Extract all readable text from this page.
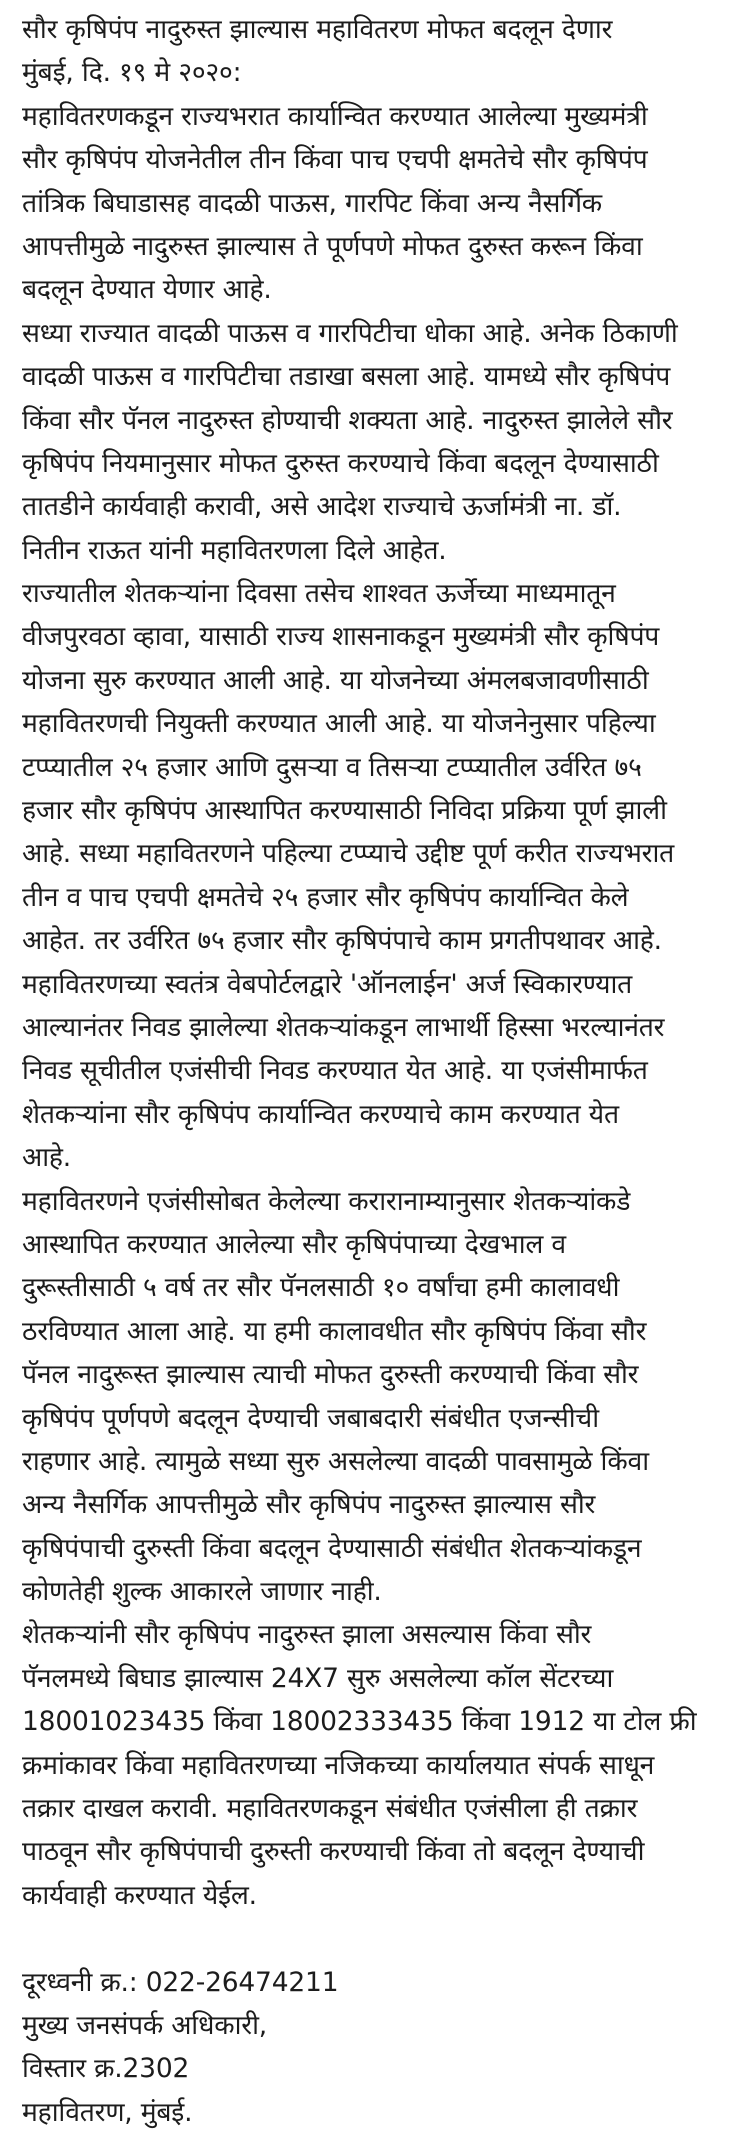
सौर कृषिपंप नादुरुस्त झाल्यास महावितरण मोफत बदलून देणार
मुंबई, दि. १९ मे २०२०:
महावितरणकडून राज्यभरात कार्यान्वित करण्यात आलेल्या मुख्यमंत्री
सौर कृषिपंप योजनेतील तीन किंवा पाच एचपी क्षमतेचे सौर कृषिपंप
तांत्रिक बिघाडासह वादळी पाऊस, गारपिट किंवा अन्य नैसर्गिक
आपत्तीमुळे नादुरुस्त झाल्यास ते पूर्णपणे मोफत दुरुस्त करून किंवा
बदलून देण्यात येणार आहे.
सध्या राज्यात वादळी पाऊस व गारपिटीचा धोका आहे. अनेक ठिकाणी
वादळी पाऊस व गारपिटीचा तडाखा बसला आहे. यामध्ये सौर कृषिपंप
किंवा सौर पॅनल नादुरुस्त होण्याची शक्यता आहे. नादुरुस्त झालेले सौर
कृषिपंप नियमानुसार मोफत दुरुस्त करण्याचे किंवा बदलून देण्यासाठी
तातडीने कार्यवाही करावी, असे आदेश राज्याचे ऊर्जामंत्री ना. डॉ.
नितीन राऊत यांनी महावितरणला दिले आहेत.
राज्यातील शेतकऱ्यांना दिवसा तसेच शाश्वत ऊर्जेच्या माध्यमातून
वीजपुरवठा व्हावा, यासाठी राज्य शासनाकडून मुख्यमंत्री सौर कृषिपंप
योजना सुरु करण्यात आली आहे. या योजनेच्या अंमलबजावणीसाठी
महावितरणची नियुक्ती करण्यात आली आहे. या योजनेनुसार पहिल्या
टप्प्यातील २५ हजार आणि दुसऱ्या व तिसऱ्या टप्प्यातील उर्वरित ७५
हजार सौर कृषिपंप आस्थापित करण्यासाठी निविदा प्रक्रिया पूर्ण झाली
आहे. सध्या महावितरणने पहिल्या टप्प्याचे उद्दीष्ट पूर्ण करीत राज्यभरात
तीन व पाच एचपी क्षमतेचे २५ हजार सौर कृषिपंप कार्यान्वित केले
आहेत. तर उर्वरित ७५ हजार सौर कृषिपंपाचे काम प्रगतीपथावर आहे.
महावितरणच्या स्वतंत्र वेबपोर्टलद्वारे 'ऑनलाईन' अर्ज स्विकारण्यात
आल्यानंतर निवड झालेल्या शेतकऱ्यांकडून लाभार्थी हिस्सा भरल्यानंतर
निवड सूचीतील एजंसीची निवड करण्यात येत आहे. या एजंसीमार्फत
शेतकऱ्यांना सौर कृषिपंप कार्यान्वित करण्याचे काम करण्यात येत
आहे.
महावितरणने एजंसीसोबत केलेल्या करारानाम्यानुसार शेतकऱ्यांकडे
आस्थापित करण्यात आलेल्या सौर कृषिपंपाच्या देखभाल व
दुरूस्तीसाठी ५ वर्ष तर सौर पॅनलसाठी १० वर्षांचा हमी कालावधी
ठरविण्यात आला आहे. या हमी कालावधीत सौर कृषिपंप किंवा सौर
पॅनल नादुरूस्त झाल्यास त्याची मोफत दुरुस्ती करण्याची किंवा सौर
कृषिपंप पूर्णपणे बदलून देण्याची जबाबदारी संबंधीत एजन्सीची
राहणार आहे. त्यामुळे सध्या सुरु असलेल्या वादळी पावसामुळे किंवा
अन्य नैसर्गिक आपत्तीमुळे सौर कृषिपंप नादुरुस्त झाल्यास सौर
कृषिपंपाची दुरुस्ती किंवा बदलून देण्यासाठी संबंधीत शेतकऱ्यांकडून
कोणतेही शुल्क आकारले जाणार नाही.
शेतकऱ्यांनी सौर कृषिपंप नादुरुस्त झाला असल्यास किंवा सौर
पॅनलमध्ये बिघाड झाल्यास 24X7 सुरु असलेल्या कॉल सेंटरच्या
18001023435 किंवा 18002333435 किंवा 1912 या टोल फ्री
क्रमांकावर किंवा महावितरणच्या नजिकच्या कार्यालयात संपर्क साधून
तक्रार दाखल करावी. महावितरणकडून संबंधीत एजंसीला ही तक्रार
पाठवून सौर कृषिपंपाची दुरुस्ती करण्याची किंवा तो बदलून देण्याची
कार्यवाही करण्यात येईल.
दूरध्वनी क्र.: 022-26474211
मुख्य जनसंपर्क अधिकारी,
विस्तार क्र.2302
महावितरण, मुंबई.
